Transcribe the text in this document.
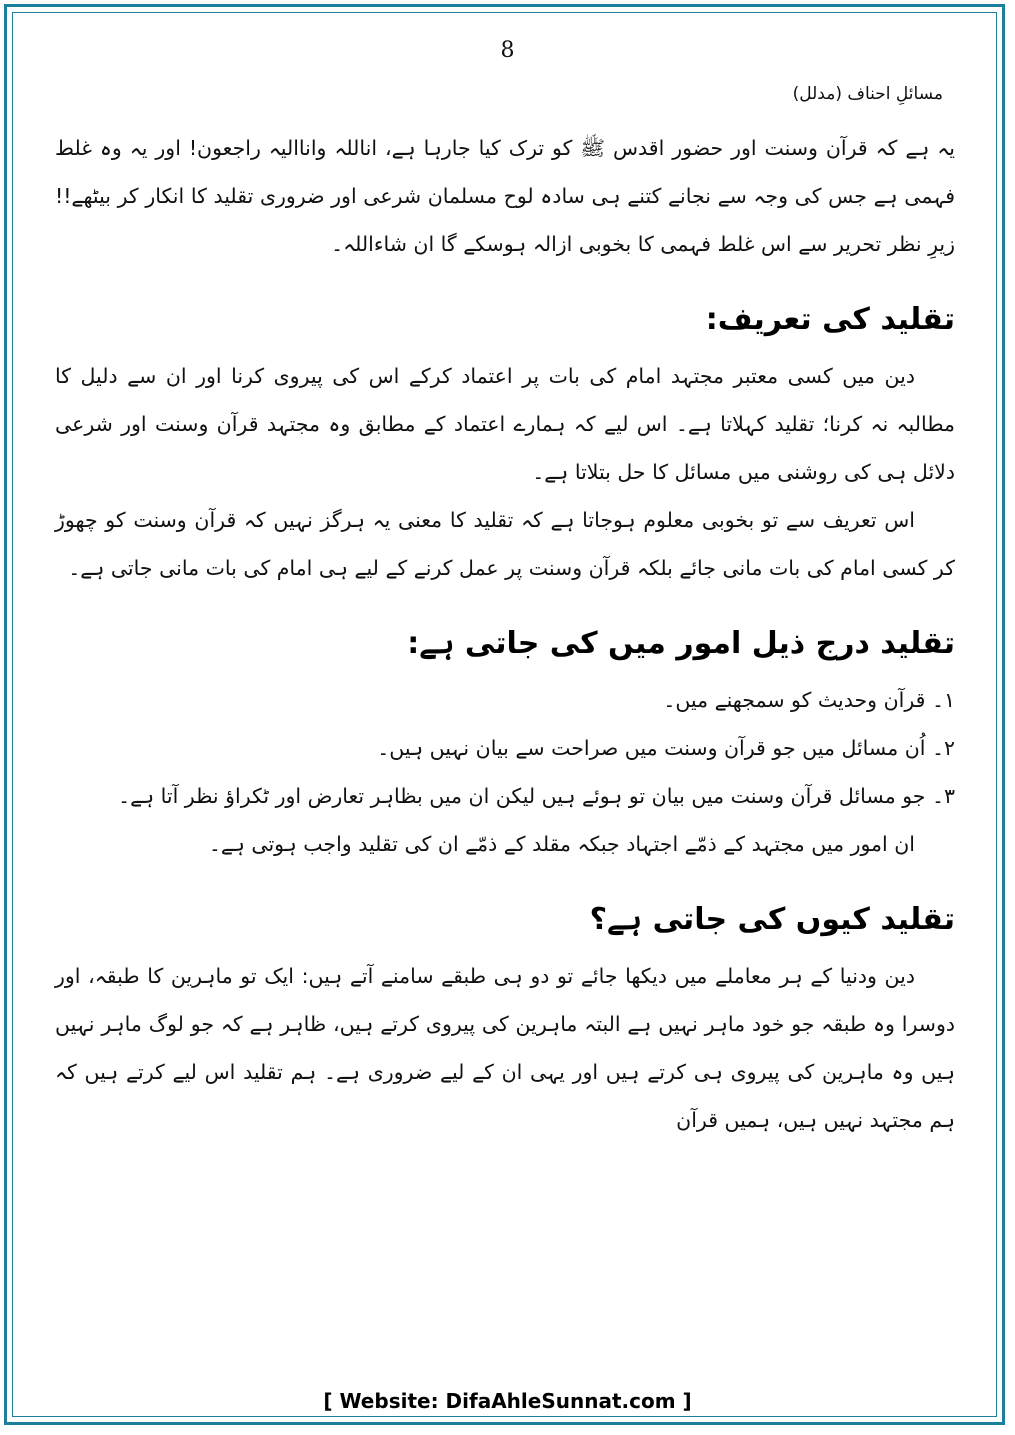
8
مسائلِ احناف (مدلل)

یہ ہے کہ قرآن وسنت اور حضور اقدس ﷺ کو ترک کیا جارہا ہے، اناللہ واناالیہ راجعون! اور یہ وہ غلط فہمی ہے جس کی وجہ سے نجانے کتنے ہی سادہ لوح مسلمان شرعی اور ضروری تقلید کا انکار کر بیٹھے!! زیرِ نظر تحریر سے اس غلط فہمی کا بخوبی ازالہ ہوسکے گا ان شاءاللہ۔

تقلید کی تعریف:

دین میں کسی معتبر مجتہد امام کی بات پر اعتماد کرکے اس کی پیروی کرنا اور ان سے دلیل کا مطالبہ نہ کرنا؛ تقلید کہلاتا ہے۔ اس لیے کہ ہمارے اعتماد کے مطابق وہ مجتہد قرآن وسنت اور شرعی دلائل ہی کی روشنی میں مسائل کا حل بتلاتا ہے۔

اس تعریف سے تو بخوبی معلوم ہوجاتا ہے کہ تقلید کا معنی یہ ہرگز نہیں کہ قرآن وسنت کو چھوڑ کر کسی امام کی بات مانی جائے بلکہ قرآن وسنت پر عمل کرنے کے لیے ہی امام کی بات مانی جاتی ہے۔

تقلید درج ذیل امور میں کی جاتی ہے:

۱۔ قرآن وحدیث کو سمجھنے میں۔

۲۔ اُن مسائل میں جو قرآن وسنت میں صراحت سے بیان نہیں ہیں۔

۳۔ جو مسائل قرآن وسنت میں بیان تو ہوئے ہیں لیکن ان میں بظاہر تعارض اور ٹکراؤ نظر آتا ہے۔

ان امور میں مجتہد کے ذمّے اجتہاد جبکہ مقلد کے ذمّے ان کی تقلید واجب ہوتی ہے۔

تقلید کیوں کی جاتی ہے؟

دین ودنیا کے ہر معاملے میں دیکھا جائے تو دو ہی طبقے سامنے آتے ہیں: ایک تو ماہرین کا طبقہ، اور دوسرا وہ طبقہ جو خود ماہر نہیں ہے البتہ ماہرین کی پیروی کرتے ہیں، ظاہر ہے کہ جو لوگ ماہر نہیں ہیں وہ ماہرین کی پیروی ہی کرتے ہیں اور یہی ان کے لیے ضروری ہے۔ ہم تقلید اس لیے کرتے ہیں کہ ہم مجتہد نہیں ہیں، ہمیں قرآن

[ Website: DifaAhleSunnat.com ]
